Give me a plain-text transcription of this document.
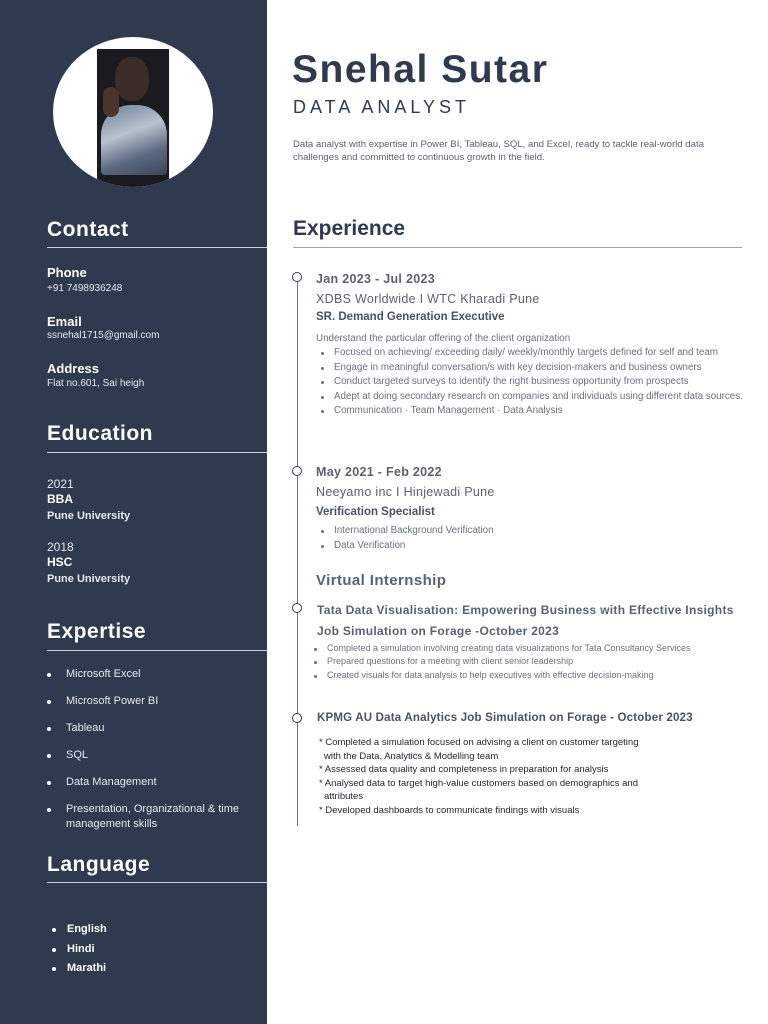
Contact
Phone
+91 7498936248
Email
ssnehal1715@gmail.com
Address
Flat no.601, Sai heigh
Education
2021
BBA
Pune University
2018
HSC
Pune University
Expertise
Microsoft Excel
Microsoft Power BI
Tableau
SQL
Data Management
Presentation, Organizational & time management skills
Language
English
Hindi
Marathi
Snehal Sutar
DATA ANALYST
Data analyst with expertise in Power BI, Tableau, SQL, and Excel, ready to tackle real-world data challenges and committed to continuous growth in the field.
Experience
Jan 2023 - Jul 2023
XDBS Worldwide I WTC Kharadi Pune
SR. Demand Generation Executive
Understand the particular offering of the client organization
Focused on achieving/ exceeding daily/ weekly/monthly targets defined for self and team
Engage in meaningful conversation/s with key decision-makers and business owners
Conduct targeted surveys to identify the right business opportunity from prospects
Adept at doing secondary research on companies and individuals using different data sources.
Communication · Team Management · Data Analysis
May 2021 - Feb 2022
Neeyamo inc I Hinjewadi Pune
Verification Specialist
International Background Verification
Data Verification
Virtual Internship
Tata Data Visualisation: Empowering Business with Effective Insights Job Simulation on Forage -October 2023
Completed a simulation involving creating data visualizations for Tata Consultancy Services
Prepared questions for a meeting with client senior leadership
Created visuals for data analysis to help executives with effective decision-making
KPMG AU Data Analytics Job Simulation on Forage - October 2023
* Completed a simulation focused on advising a client on customer targeting
with the Data, Analytics & Modelling team
* Assessed data quality and completeness in preparation for analysis
* Analysed data to target high-value customers based on demographics and
attributes
* Developed dashboards to communicate findings with visuals
